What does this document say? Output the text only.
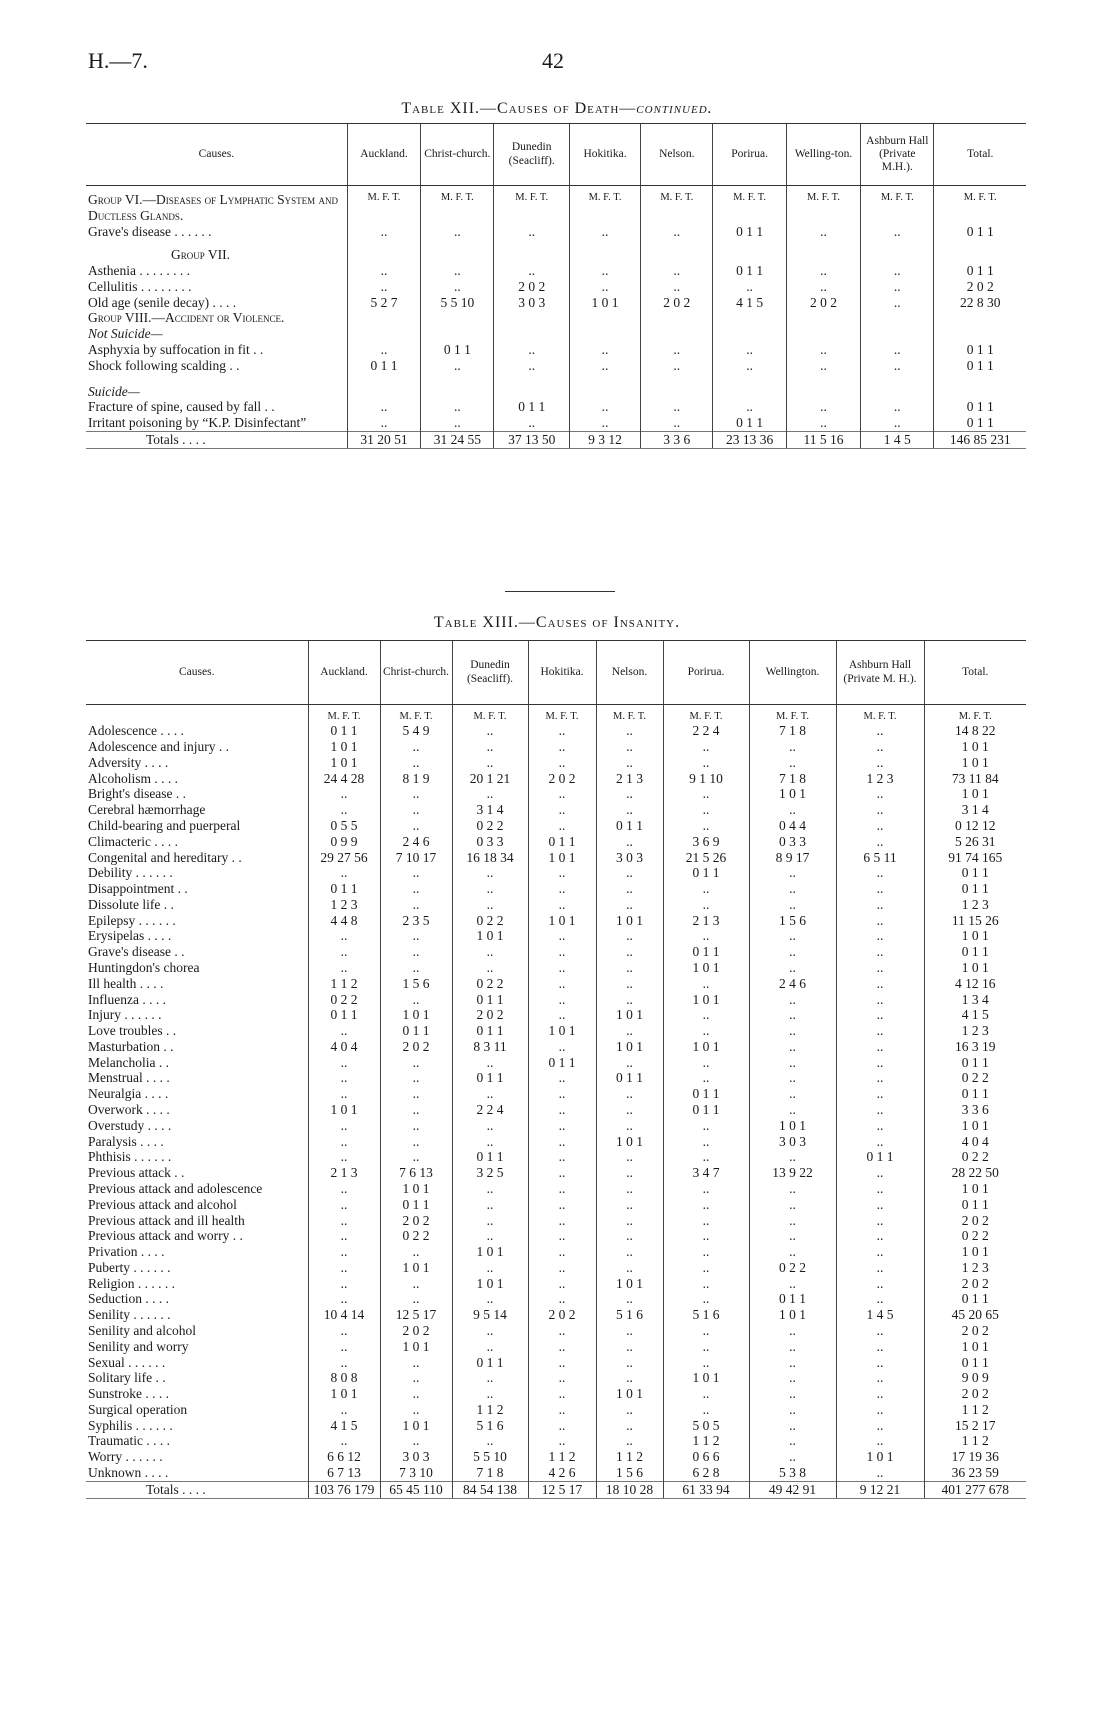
H.—7.	42
Table XII.—Causes of Death—continued.
Causes.	Auckland.	Christ-church.	Dunedin (Seacliff).	Hokitika.	Nelson.	Porirua.	Welling-ton.	Ashburn Hall (Private M.H.).	Total.
Group VI.—Diseases of Lymphatic System and Ductless Glands.	M. F. T.	M. F. T.	M. F. T.	M. F. T.	M. F. T.	M. F. T.	M. F. T.	M. F. T.	M. F. T.
Grave's disease . . . . . .	..	..	..	..	..	0 1 1	..	..	0 1 1
Group VII.									
Asthenia . . . . . . . .	..	..	..	..	..	0 1 1	..	..	0 1 1
Cellulitis . . . . . . . .	..	..	2 0 2	..	..	..	..	..	2 0 2
Old age (senile decay) . . . .	5 2 7	5 5 10	3 0 3	1 0 1	2 0 2	4 1 5	2 0 2	..	22 8 30
Group VIII.—Accident or Violence.									
Not Suicide—									
Asphyxia by suffocation in fit . .	..	0 1 1	..	..	..	..	..	..	0 1 1
Shock following scalding . .	0 1 1	..	..	..	..	..	..	..	0 1 1
Suicide—									
Fracture of spine, caused by fall . .	..	..	0 1 1	..	..	..	..	..	0 1 1
Irritant poisoning by “K.P. Disinfectant”	..	..	..	..	..	0 1 1	..	..	0 1 1
Totals . . . .	31 20 51	31 24 55	37 13 50	9 3 12	3 3 6	23 13 36	11 5 16	1 4 5	146 85 231
Table XIII.—Causes of Insanity.
Causes.	Auckland.	Christ-church.	Dunedin (Seacliff).	Hokitika.	Nelson.	Porirua.	Wellington.	Ashburn Hall (Private M. H.).	Total.
	M. F. T.	M. F. T.	M. F. T.	M. F. T.	M. F. T.	M. F. T.	M. F. T.	M. F. T.	M. F. T.
Adolescence . . . .	0 1 1	5 4 9	..	..	..	2 2 4	7 1 8	..	14 8 22
Adolescence and injury . .	1 0 1	..	..	..	..	..	..	..	1 0 1
Adversity . . . .	1 0 1	..	..	..	..	..	..	..	1 0 1
Alcoholism . . . .	24 4 28	8 1 9	20 1 21	2 0 2	2 1 3	9 1 10	7 1 8	1 2 3	73 11 84
Bright's disease . .	..	..	..	..	..	..	1 0 1	..	1 0 1
Cerebral hæmorrhage	..	..	3 1 4	..	..	..	..	..	3 1 4
Child-bearing and puerperal	0 5 5	..	0 2 2	..	0 1 1	..	0 4 4	..	0 12 12
Climacteric . . . .	0 9 9	2 4 6	0 3 3	0 1 1	..	3 6 9	0 3 3	..	5 26 31
Congenital and hereditary . .	29 27 56	7 10 17	16 18 34	1 0 1	3 0 3	21 5 26	8 9 17	6 5 11	91 74 165
Debility . . . . . .	..	..	..	..	..	0 1 1	..	..	0 1 1
Disappointment . .	0 1 1	..	..	..	..	..	..	..	0 1 1
Dissolute life . .	1 2 3	..	..	..	..	..	..	..	1 2 3
Epilepsy . . . . . .	4 4 8	2 3 5	0 2 2	1 0 1	1 0 1	2 1 3	1 5 6	..	11 15 26
Erysipelas . . . .	..	..	1 0 1	..	..	..	..	..	1 0 1
Grave's disease . .	..	..	..	..	..	0 1 1	..	..	0 1 1
Huntingdon's chorea	..	..	..	..	..	1 0 1	..	..	1 0 1
Ill health . . . .	1 1 2	1 5 6	0 2 2	..	..	..	2 4 6	..	4 12 16
Influenza . . . .	0 2 2	..	0 1 1	..	..	1 0 1	..	..	1 3 4
Injury . . . . . .	0 1 1	1 0 1	2 0 2	..	1 0 1	..	..	..	4 1 5
Love troubles . .	..	0 1 1	0 1 1	1 0 1	..	..	..	..	1 2 3
Masturbation . .	4 0 4	2 0 2	8 3 11	..	1 0 1	1 0 1	..	..	16 3 19
Melancholia . .	..	..	..	0 1 1	..	..	..	..	0 1 1
Menstrual . . . .	..	..	0 1 1	..	0 1 1	..	..	..	0 2 2
Neuralgia . . . .	..	..	..	..	..	0 1 1	..	..	0 1 1
Overwork . . . .	1 0 1	..	2 2 4	..	..	0 1 1	..	..	3 3 6
Overstudy . . . .	..	..	..	..	..	..	1 0 1	..	1 0 1
Paralysis . . . .	..	..	..	..	1 0 1	..	3 0 3	..	4 0 4
Phthisis . . . . . .	..	..	0 1 1	..	..	..	..	0 1 1	0 2 2
Previous attack . .	2 1 3	7 6 13	3 2 5	..	..	3 4 7	13 9 22	..	28 22 50
Previous attack and adolescence	..	1 0 1	..	..	..	..	..	..	1 0 1
Previous attack and alcohol	..	0 1 1	..	..	..	..	..	..	0 1 1
Previous attack and ill health	..	2 0 2	..	..	..	..	..	..	2 0 2
Previous attack and worry . .	..	0 2 2	..	..	..	..	..	..	0 2 2
Privation . . . .	..	..	1 0 1	..	..	..	..	..	1 0 1
Puberty . . . . . .	..	1 0 1	..	..	..	..	0 2 2	..	1 2 3
Religion . . . . . .	..	..	1 0 1	..	1 0 1	..	..	..	2 0 2
Seduction . . . .	..	..	..	..	..	..	0 1 1	..	0 1 1
Senility . . . . . .	10 4 14	12 5 17	9 5 14	2 0 2	5 1 6	5 1 6	1 0 1	1 4 5	45 20 65
Senility and alcohol	..	2 0 2	..	..	..	..	..	..	2 0 2
Senility and worry	..	1 0 1	..	..	..	..	..	..	1 0 1
Sexual . . . . . .	..	..	0 1 1	..	..	..	..	..	0 1 1
Solitary life . .	8 0 8	..	..	..	..	1 0 1	..	..	9 0 9
Sunstroke . . . .	1 0 1	..	..	..	1 0 1	..	..	..	2 0 2
Surgical operation	..	..	1 1 2	..	..	..	..	..	1 1 2
Syphilis . . . . . .	4 1 5	1 0 1	5 1 6	..	..	5 0 5	..	..	15 2 17
Traumatic . . . .	..	..	..	..	..	1 1 2	..	..	1 1 2
Worry . . . . . .	6 6 12	3 0 3	5 5 10	1 1 2	1 1 2	0 6 6	..	1 0 1	17 19 36
Unknown . . . .	6 7 13	7 3 10	7 1 8	4 2 6	1 5 6	6 2 8	5 3 8	..	36 23 59
Totals . . . .	103 76 179	65 45 110	84 54 138	12 5 17	18 10 28	61 33 94	49 42 91	9 12 21	401 277 678
